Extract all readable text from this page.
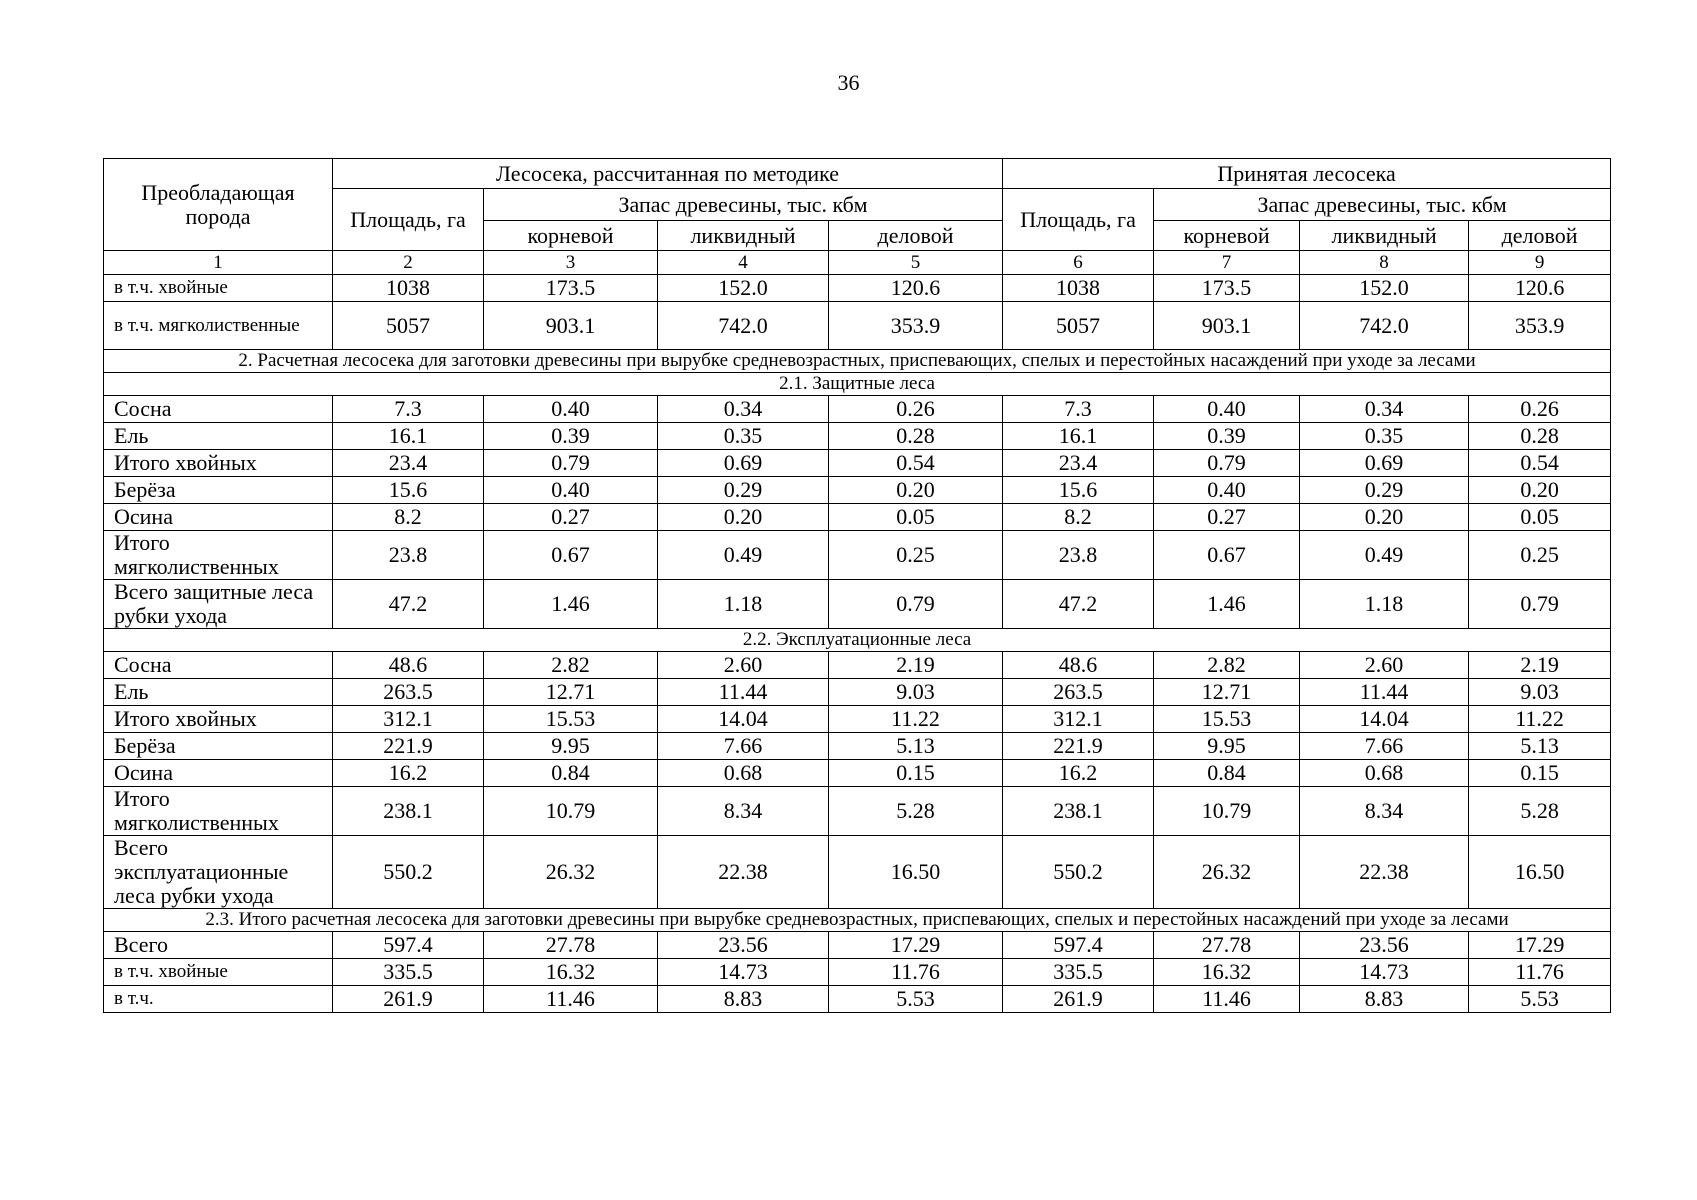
36
Преобладающая порода	Лесосека, рассчитанная по методике				Принятая лесосека			
	Площадь, га	Запас древесины, тыс. кбм			Площадь, га	Запас древесины, тыс. кбм		
		корневой	ликвидный	деловой		корневой	ликвидный	деловой
1	2	3	4	5	6	7	8	9
в т.ч. хвойные	1038	173.5	152.0	120.6	1038	173.5	152.0	120.6
в т.ч. мягколиственные	5057	903.1	742.0	353.9	5057	903.1	742.0	353.9
2. Расчетная лесосека для заготовки древесины при вырубке средневозрастных, приспевающих, спелых и перестойных насаждений при уходе за лесами								
2.1. Защитные леса								
Сосна	7.3	0.40	0.34	0.26	7.3	0.40	0.34	0.26
Ель	16.1	0.39	0.35	0.28	16.1	0.39	0.35	0.28
Итого хвойных	23.4	0.79	0.69	0.54	23.4	0.79	0.69	0.54
Берёза	15.6	0.40	0.29	0.20	15.6	0.40	0.29	0.20
Осина	8.2	0.27	0.20	0.05	8.2	0.27	0.20	0.05
Итого мягколиственных	23.8	0.67	0.49	0.25	23.8	0.67	0.49	0.25
Всего защитные леса рубки ухода	47.2	1.46	1.18	0.79	47.2	1.46	1.18	0.79
2.2. Эксплуатационные леса								
Сосна	48.6	2.82	2.60	2.19	48.6	2.82	2.60	2.19
Ель	263.5	12.71	11.44	9.03	263.5	12.71	11.44	9.03
Итого хвойных	312.1	15.53	14.04	11.22	312.1	15.53	14.04	11.22
Берёза	221.9	9.95	7.66	5.13	221.9	9.95	7.66	5.13
Осина	16.2	0.84	0.68	0.15	16.2	0.84	0.68	0.15
Итого мягколиственных	238.1	10.79	8.34	5.28	238.1	10.79	8.34	5.28
Всего эксплуатационные леса рубки ухода	550.2	26.32	22.38	16.50	550.2	26.32	22.38	16.50
2.3. Итого расчетная лесосека для заготовки древесины при вырубке средневозрастных, приспевающих, спелых и перестойных насаждений при уходе за лесами								
Всего	597.4	27.78	23.56	17.29	597.4	27.78	23.56	17.29
в т.ч. хвойные	335.5	16.32	14.73	11.76	335.5	16.32	14.73	11.76
в т.ч.	261.9	11.46	8.83	5.53	261.9	11.46	8.83	5.53
